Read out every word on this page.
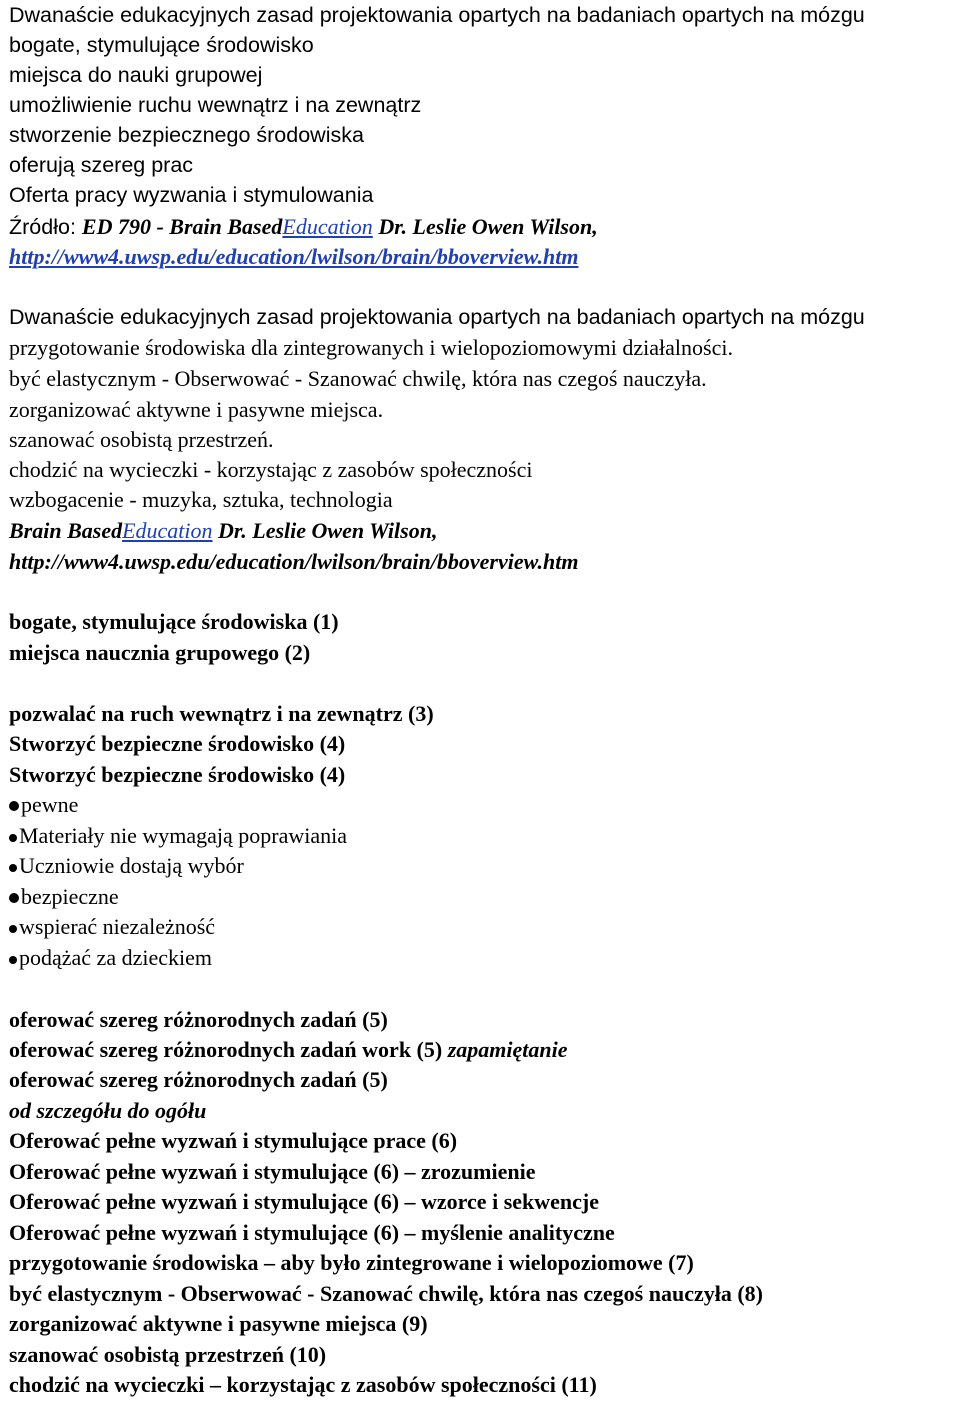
Dwanaście edukacyjnych zasad projektowania opartych na badaniach opartych na mózgu
bogate, stymulujące środowisko
miejsca do nauki grupowej
umożliwienie ruchu wewnątrz i na zewnątrz
stworzenie bezpiecznego środowiska
oferują szereg prac
Oferta pracy wyzwania i stymulowania
Źródło: ED 790 - Brain BasedEducation Dr. Leslie Owen Wilson,
http://www4.uwsp.edu/education/lwilson/brain/bboverview.htm
Dwanaście edukacyjnych zasad projektowania opartych na badaniach opartych na mózgu
przygotowanie środowiska dla zintegrowanych i wielopoziomowymi działalności.
być elastycznym - Obserwować - Szanować chwilę, która nas czegoś nauczyła.
zorganizować aktywne i pasywne miejsca.
szanować osobistą przestrzeń.
chodzić na wycieczki - korzystając z zasobów społeczności
wzbogacenie - muzyka, sztuka, technologia
Brain BasedEducation Dr. Leslie Owen Wilson,
http://www4.uwsp.edu/education/lwilson/brain/bboverview.htm
bogate, stymulujące środowiska (1)
miejsca naucznia grupowego (2)
pozwalać na ruch wewnątrz i na zewnątrz (3)
Stworzyć bezpieczne środowisko (4)
Stworzyć bezpieczne środowisko (4)
pewne
Materiały nie wymagają poprawiania
Uczniowie dostają wybór
bezpieczne
wspierać niezależność
podążać za dzieckiem
oferować szereg różnorodnych zadań (5)
oferować szereg różnorodnych zadań work (5) zapamiętanie
oferować szereg różnorodnych zadań (5)
od szczegółu do ogółu
Oferować pełne wyzwań i stymulujące prace (6)
Oferować pełne wyzwań i stymulujące (6) – zrozumienie
Oferować pełne wyzwań i stymulujące (6) – wzorce i sekwencje
Oferować pełne wyzwań i stymulujące (6) – myślenie analityczne
przygotowanie środowiska – aby było zintegrowane i wielopoziomowe (7)
być elastycznym - Obserwować - Szanować chwilę, która nas czegoś nauczyła (8)
zorganizować aktywne i pasywne miejsca (9)
szanować osobistą przestrzeń (10)
chodzić na wycieczki – korzystając z zasobów społeczności (11)
